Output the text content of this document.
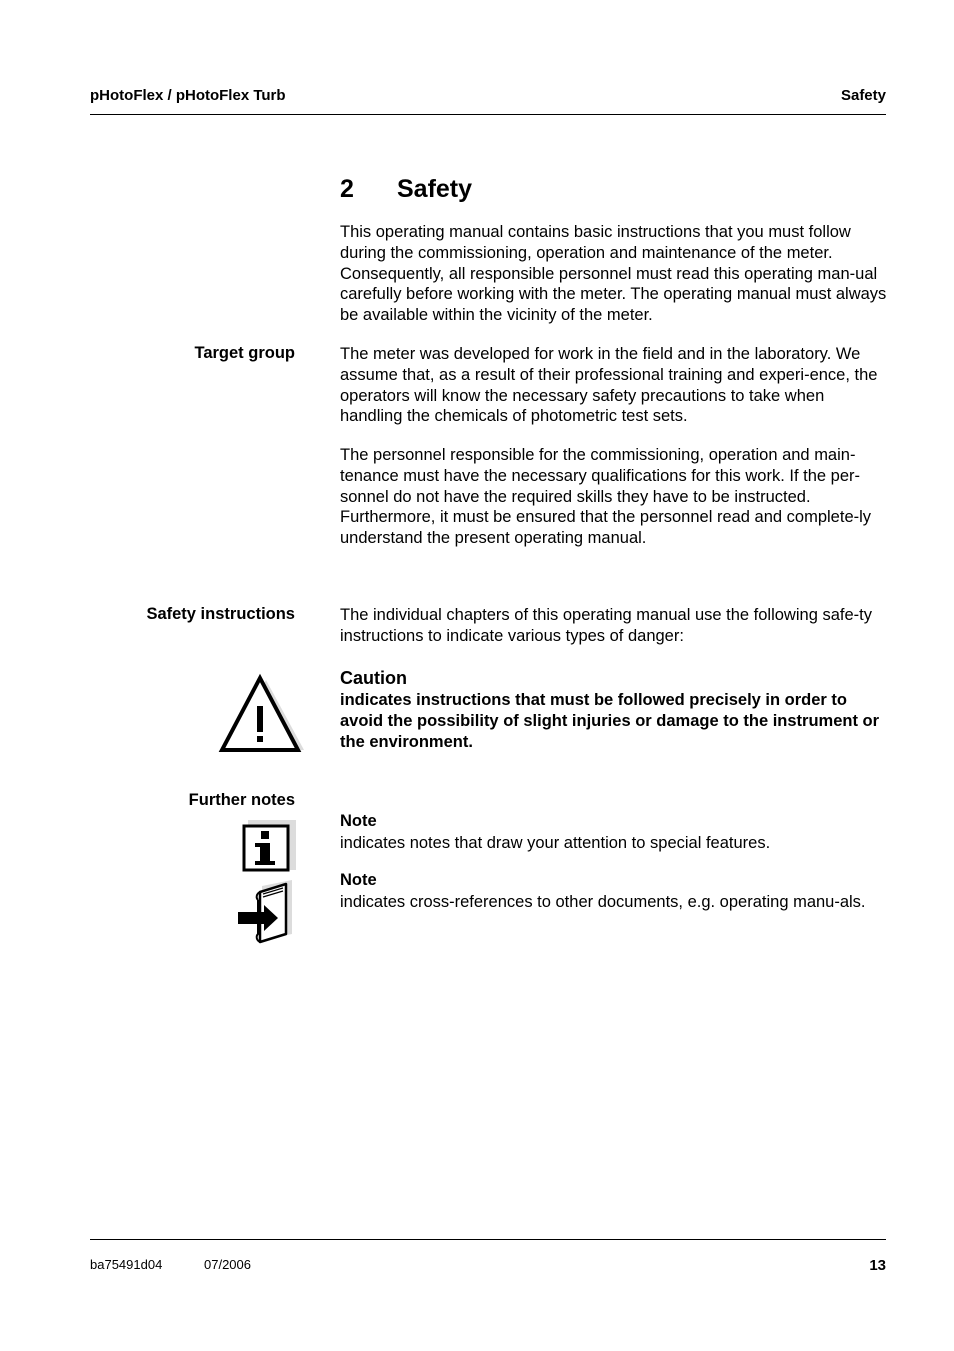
pHotoFlex / pHotoFlex Turb	Safety
2 Safety

This operating manual contains basic instructions that you must follow during the commissioning, operation and maintenance of the meter. Consequently, all responsible personnel must read this operating man-ual carefully before working with the meter. The operating manual must always be available within the vicinity of the meter.

Target group	The meter was developed for work in the field and in the laboratory. We assume that, as a result of their professional training and experi-ence, the operators will know the necessary safety precautions to take when handling the chemicals of photometric test sets.

The personnel responsible for the commissioning, operation and main-tenance must have the necessary qualifications for this work. If the per-sonnel do not have the required skills they have to be instructed. Furthermore, it must be ensured that the personnel read and complete-ly understand the present operating manual.

Safety instructions	The individual chapters of this operating manual use the following safe-ty instructions to indicate various types of danger:

Caution

indicates instructions that must be followed precisely in order to avoid the possibility of slight injuries or damage to the instrument or the environment.

Further notes
Note

indicates notes that draw your attention to special features.

Note

indicates cross-references to other documents, e.g. operating manu-als.

ba75491d04	07/2006	13
